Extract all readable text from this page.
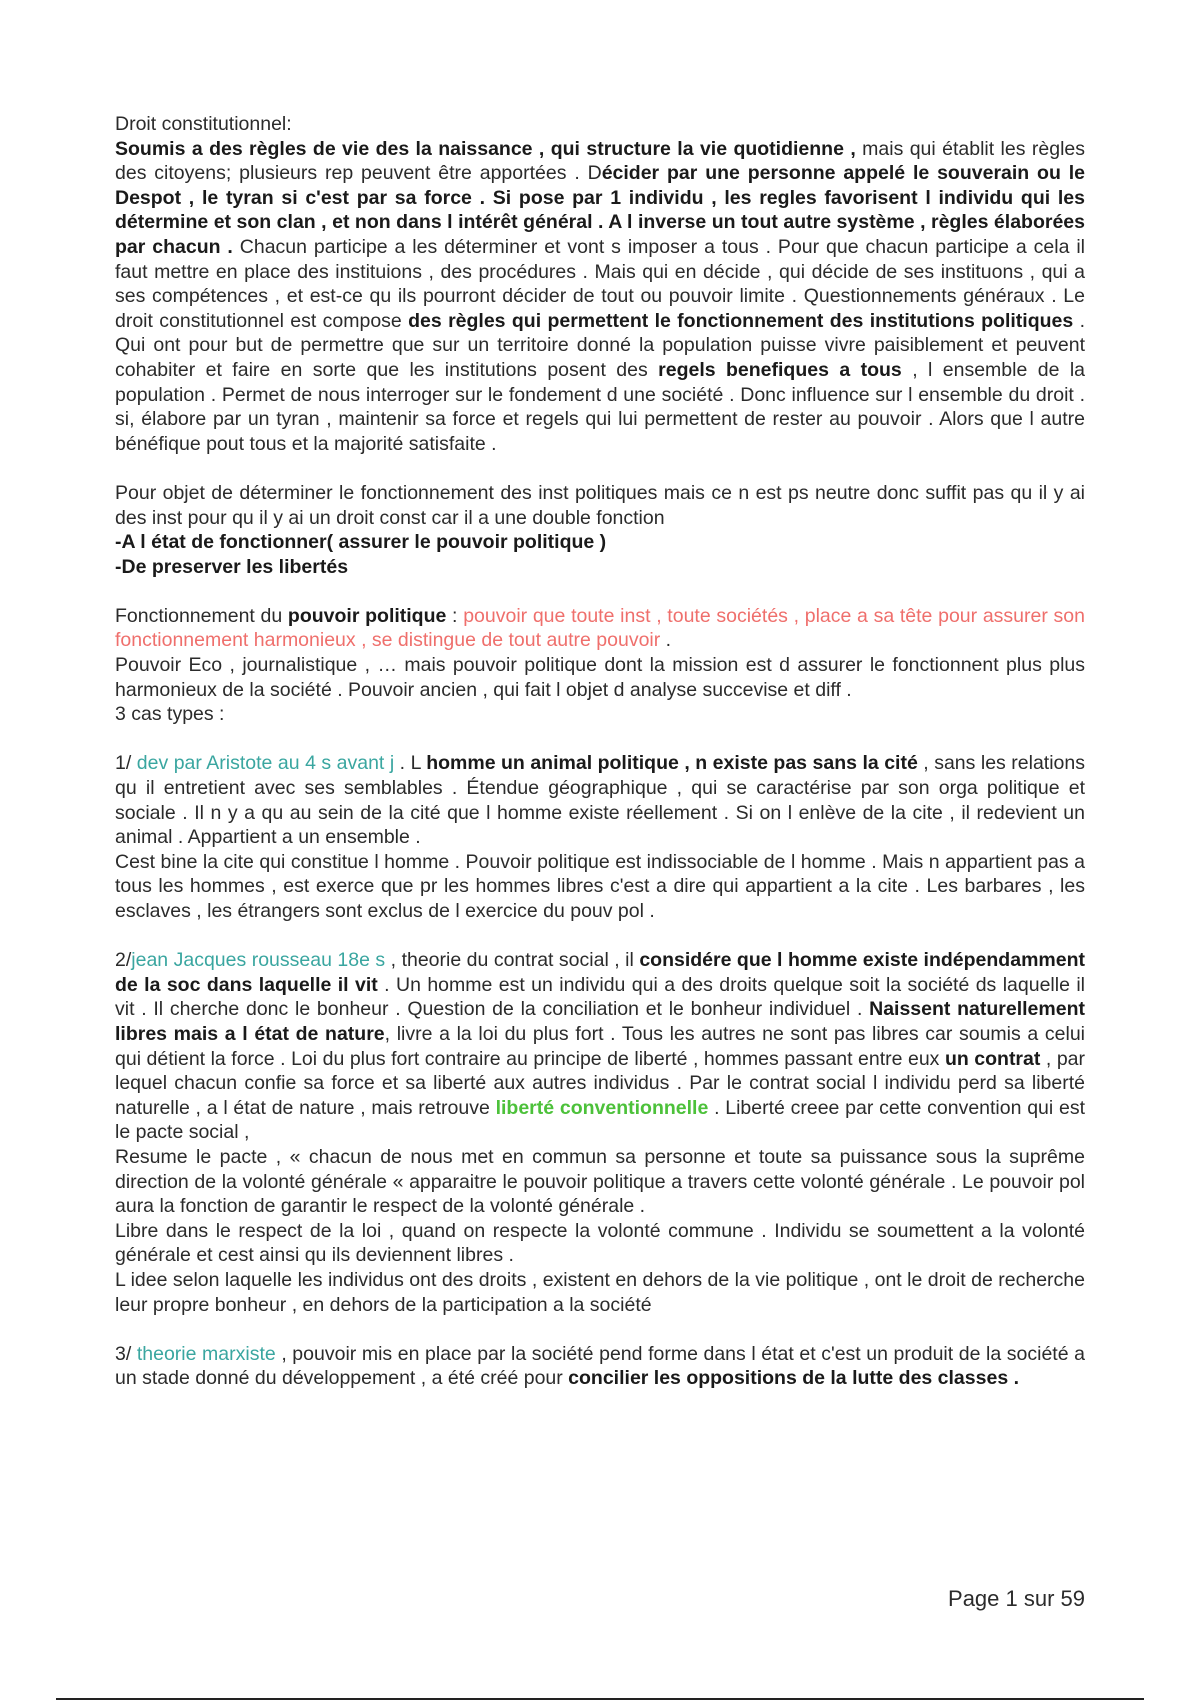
Droit constitutionnel:

Soumis a des règles de vie des la naissance , qui structure la vie quotidienne , mais qui établit les règles des citoyens; plusieurs rep peuvent être apportées . Décider par une personne appelé le souverain ou le Despot , le tyran si c'est par sa force . Si pose par 1 individu , les regles favorisent l individu qui les détermine et son clan , et non dans l intérêt général . A l inverse un tout autre système , règles élaborées par chacun . Chacun participe a les déterminer et vont s imposer a tous . Pour que chacun participe a cela il faut mettre en place des instituions , des procédures . Mais qui en décide , qui décide de ses instituons , qui a ses compétences , et est-ce qu ils pourront décider de tout ou pouvoir limite . Questionnements généraux . Le droit constitutionnel est compose des règles qui permettent le fonctionnement des institutions politiques . Qui ont pour but de permettre que sur un territoire donné la population puisse vivre paisiblement et peuvent cohabiter et faire en sorte que les institutions posent des regels benefiques a tous , l ensemble de la population . Permet de nous interroger sur le fondement d une société . Donc influence sur l ensemble du droit . si, élabore par un tyran , maintenir sa force et regels qui lui permettent de rester au pouvoir . Alors que l autre bénéfique pout tous et la majorité satisfaite .

Pour objet de déterminer le fonctionnement des inst politiques mais ce n est ps neutre donc suffit pas qu il y ai des inst pour qu il y ai un droit const car il a une double fonction

-A l état de fonctionner( assurer le pouvoir politique )

-De preserver les libertés

Fonctionnement du pouvoir politique : pouvoir que toute inst , toute sociétés , place a sa tête pour assurer son fonctionnement harmonieux , se distingue de tout autre pouvoir .

Pouvoir Eco , journalistique , … mais pouvoir politique dont la mission est d assurer le fonctionnent plus plus harmonieux de la société . Pouvoir ancien , qui fait l objet d analyse succevise et diff .

3 cas types :

1/ dev par Aristote au 4 s avant j . L homme un animal politique , n existe pas sans la cité , sans les relations qu il entretient avec ses semblables . Étendue géographique , qui se caractérise par son orga politique et sociale . Il n y a qu au sein de la cité que l homme existe réellement . Si on l enlève de la cite , il redevient un animal . Appartient a un ensemble .

Cest bine la cite qui constitue l homme . Pouvoir politique est indissociable de l homme . Mais n appartient pas a tous les hommes , est exerce que pr les hommes libres c'est a dire qui appartient a la cite . Les barbares , les esclaves , les étrangers sont exclus de l exercice du pouv pol .

2/jean Jacques rousseau 18e s , theorie du contrat social , il considére que l homme existe indépendamment de la soc dans laquelle il vit . Un homme est un individu qui a des droits quelque soit la société ds laquelle il vit . Il cherche donc le bonheur . Question de la conciliation et le bonheur individuel . Naissent naturellement libres mais a l état de nature, livre a la loi du plus fort . Tous les autres ne sont pas libres car soumis a celui qui détient la force . Loi du plus fort contraire au principe de liberté , hommes passant entre eux un contrat , par lequel chacun confie sa force et sa liberté aux autres individus . Par le contrat social l individu perd sa liberté naturelle , a l état de nature , mais retrouve liberté conventionnelle . Liberté creee par cette convention qui est le pacte social ,

Resume le pacte , « chacun de nous met en commun sa personne et toute sa puissance sous la suprême direction de la volonté générale « apparaitre le pouvoir politique a travers cette volonté générale . Le pouvoir pol aura la fonction de garantir le respect de la volonté générale .

Libre dans le respect de la loi , quand on respecte la volonté commune . Individu se soumettent a la volonté générale et cest ainsi qu ils deviennent libres .

L idee selon laquelle les individus ont des droits , existent en dehors de la vie politique , ont le droit de recherche leur propre bonheur , en dehors de la participation a la société

3/ theorie marxiste , pouvoir mis en place par la société pend forme dans l état et c'est un produit de la société a un stade donné du développement , a été créé pour concilier les oppositions de la lutte des classes .

Page 1 sur 59
